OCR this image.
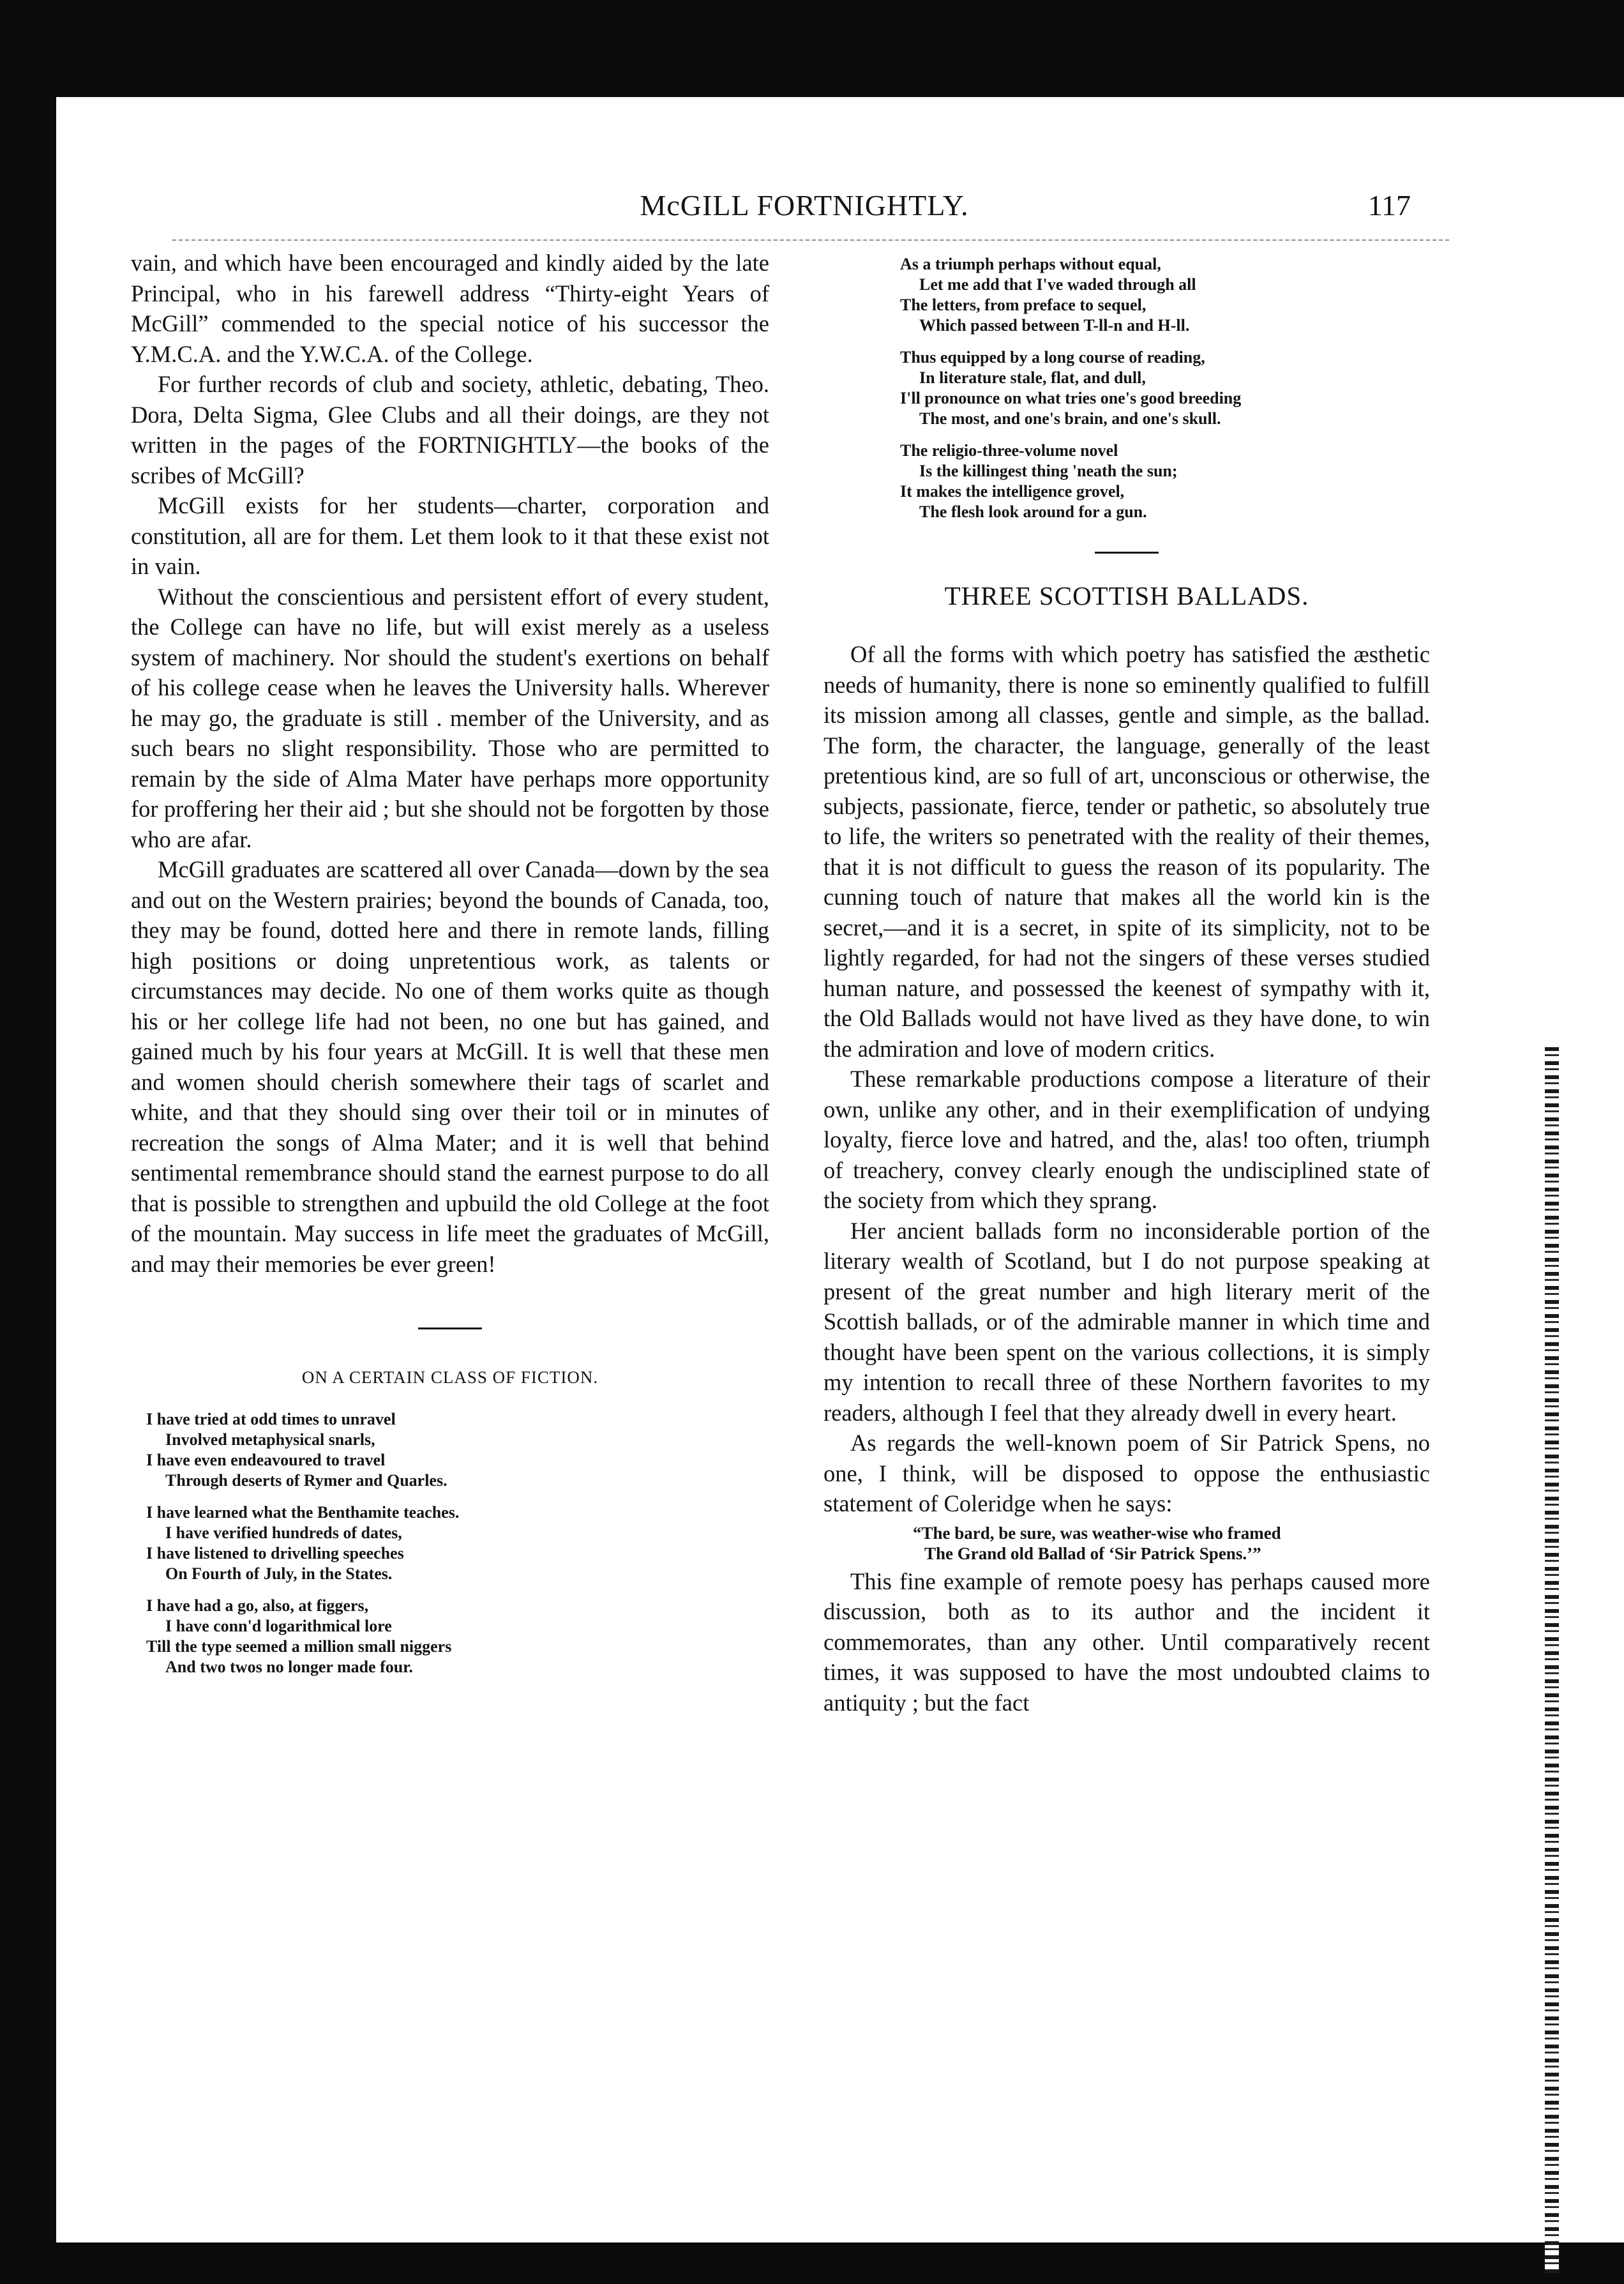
McGILL FORTNIGHTLY.	117

vain, and which have been encouraged and kindly aided by the late Principal, who in his farewell address “Thirty-eight Years of McGill” commended to the special notice of his successor the Y.M.C.A. and the Y.W.C.A. of the College.

For further records of club and society, athletic, debating, Theo. Dora, Delta Sigma, Glee Clubs and all their doings, are they not written in the pages of the FORTNIGHTLY—the books of the scribes of McGill?

McGill exists for her students—charter, corporation and constitution, all are for them. Let them look to it that these exist not in vain.

Without the conscientious and persistent effort of every student, the College can have no life, but will exist merely as a useless system of machinery. Nor should the student's exertions on behalf of his college cease when he leaves the University halls. Wherever he may go, the graduate is still . member of the University, and as such bears no slight responsibility. Those who are permitted to remain by the side of Alma Mater have perhaps more opportunity for proffering her their aid ; but she should not be forgotten by those who are afar.

McGill graduates are scattered all over Canada—down by the sea and out on the Western prairies; beyond the bounds of Canada, too, they may be found, dotted here and there in remote lands, filling high positions or doing unpretentious work, as talents or circumstances may decide. No one of them works quite as though his or her college life had not been, no one but has gained, and gained much by his four years at McGill. It is well that these men and women should cherish somewhere their tags of scarlet and white, and that they should sing over their toil or in minutes of recreation the songs of Alma Mater; and it is well that behind sentimental remembrance should stand the earnest purpose to do all that is possible to strengthen and upbuild the old College at the foot of the mountain. May success in life meet the graduates of McGill, and may their memories be ever green!

ON A CERTAIN CLASS OF FICTION.
I have tried at odd times to unravel
Involved metaphysical snarls,
I have even endeavoured to travel
Through deserts of Rymer and Quarles.
I have learned what the Benthamite teaches.
I have verified hundreds of dates,
I have listened to drivelling speeches
On Fourth of July, in the States.
I have had a go, also, at figgers,
I have conn'd logarithmical lore
Till the type seemed a million small niggers
And two twos no longer made four.
As a triumph perhaps without equal,
Let me add that I've waded through all
The letters, from preface to sequel,
Which passed between T-ll-n and H-ll.
Thus equipped by a long course of reading,
In literature stale, flat, and dull,
I'll pronounce on what tries one's good breeding
The most, and one's brain, and one's skull.
The religio-three-volume novel
Is the killingest thing 'neath the sun;
It makes the intelligence grovel,
The flesh look around for a gun.
THREE SCOTTISH BALLADS.

Of all the forms with which poetry has satisfied the æsthetic needs of humanity, there is none so eminently qualified to fulfill its mission among all classes, gentle and simple, as the ballad. The form, the character, the language, generally of the least pretentious kind, are so full of art, unconscious or otherwise, the subjects, passionate, fierce, tender or pathetic, so absolutely true to life, the writers so penetrated with the reality of their themes, that it is not difficult to guess the reason of its popularity. The cunning touch of nature that makes all the world kin is the secret,—and it is a secret, in spite of its simplicity, not to be lightly regarded, for had not the singers of these verses studied human nature, and possessed the keenest of sympathy with it, the Old Ballads would not have lived as they have done, to win the admiration and love of modern critics.

These remarkable productions compose a literature of their own, unlike any other, and in their exemplification of undying loyalty, fierce love and hatred, and the, alas! too often, triumph of treachery, convey clearly enough the undisciplined state of the society from which they sprang.

Her ancient ballads form no inconsiderable portion of the literary wealth of Scotland, but I do not purpose speaking at present of the great number and high literary merit of the Scottish ballads, or of the admirable manner in which time and thought have been spent on the various collections, it is simply my intention to recall three of these Northern favorites to my readers, although I feel that they already dwell in every heart.

As regards the well-known poem of Sir Patrick Spens, no one, I think, will be disposed to oppose the enthusiastic statement of Coleridge when he says:

“The bard, be sure, was weather-wise who framed
The Grand old Ballad of ‘Sir Patrick Spens.’”

This fine example of remote poesy has perhaps caused more discussion, both as to its author and the incident it commemorates, than any other. Until comparatively recent times, it was supposed to have the most undoubted claims to antiquity ; but the fact
